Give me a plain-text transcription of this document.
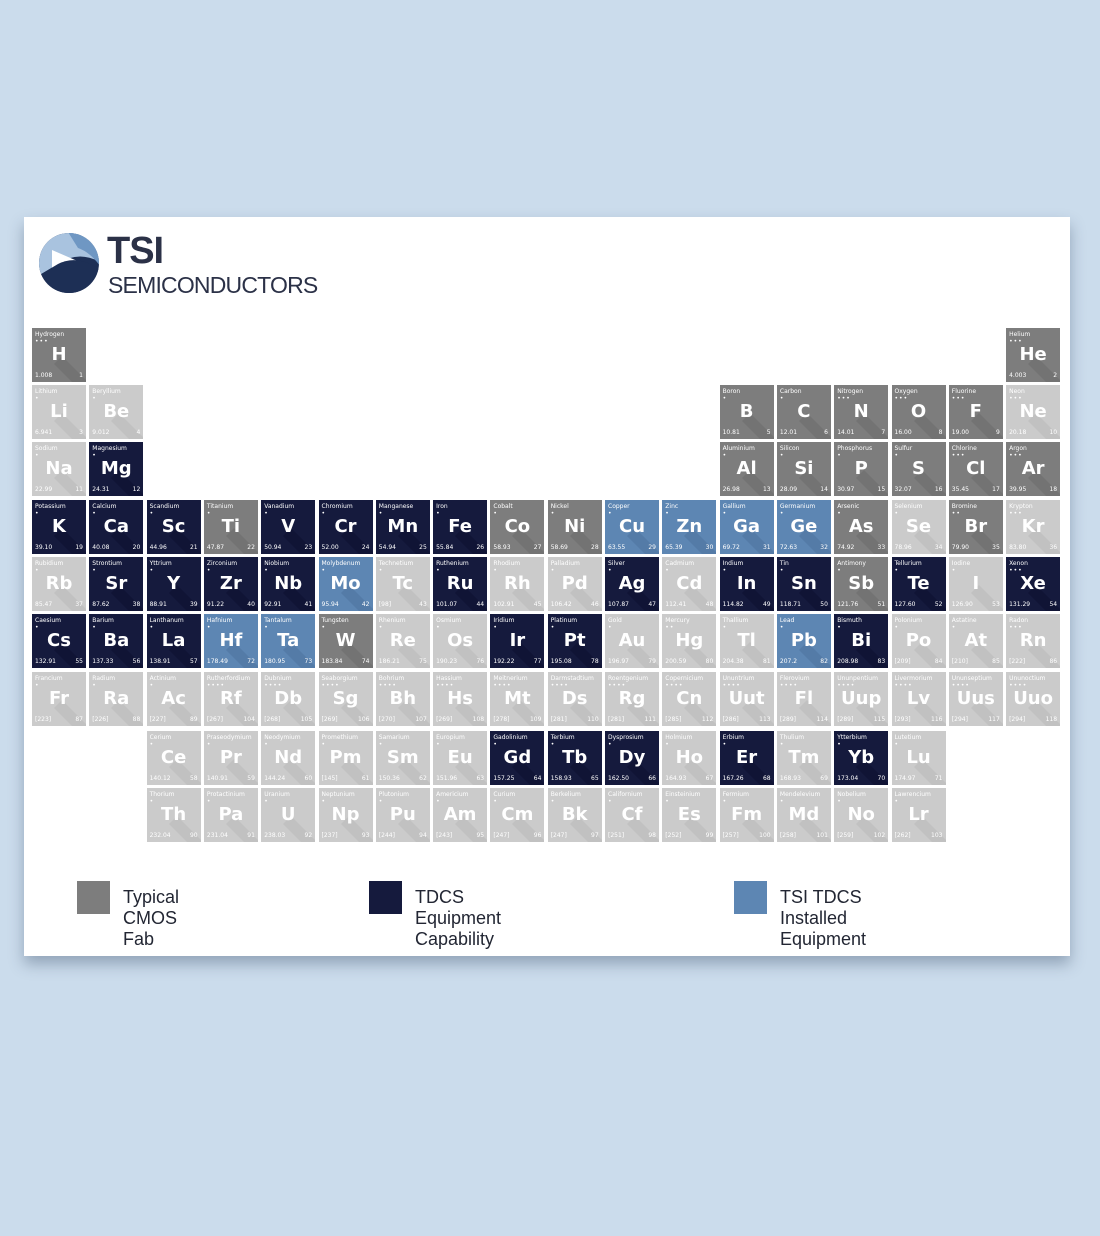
TSI
SEMICONDUCTORS
Hydrogen
•••
H
1.008	1
Helium
•••
He
4.003	2
Lithium
•
Li
6.941	3
Beryllium
•
Be
9.012	4
Boron
•
B
10.81	5
Carbon
•
C
12.01	6
Nitrogen
•••
N
14.01	7
Oxygen
•••
O
16.00	8
Fluorine
•••
F
19.00	9
Neon
•••
Ne
20.18	10
Sodium
•
Na
22.99	11
Magnesium
•
Mg
24.31	12
Aluminium
•
Al
26.98	13
Silicon
•
Si
28.09	14
Phosphorus
•
P
30.97	15
Sulfur
•
S
32.07	16
Chlorine
•••
Cl
35.45	17
Argon
•••
Ar
39.95	18
Potassium
•
K
39.10	19
Calcium
•
Ca
40.08	20
Scandium
•
Sc
44.96	21
Titanium
•
Ti
47.87	22
Vanadium
•
V
50.94	23
Chromium
•
Cr
52.00	24
Manganese
•
Mn
54.94	25
Iron
•
Fe
55.84	26
Cobalt
•
Co
58.93	27
Nickel
•
Ni
58.69	28
Copper
•
Cu
63.55	29
Zinc
•
Zn
65.39	30
Gallium
•
Ga
69.72	31
Germanium
•
Ge
72.63	32
Arsenic
•
As
74.92	33
Selenium
•
Se
78.96	34
Bromine
••
Br
79.90	35
Krypton
•••
Kr
83.80	36
Rubidium
•
Rb
85.47	37
Strontium
•
Sr
87.62	38
Yttrium
•
Y
88.91	39
Zirconium
•
Zr
91.22	40
Niobium
•
Nb
92.91	41
Molybdenum
•
Mo
95.94	42
Technetium
•
Tc
[98]	43
Ruthenium
•
Ru
101.07	44
Rhodium
•
Rh
102.91	45
Palladium
•
Pd
106.42	46
Silver
•
Ag
107.87	47
Cadmium
•
Cd
112.41	48
Indium
•
In
114.82	49
Tin
•
Sn
118.71	50
Antimony
•
Sb
121.76	51
Tellurium
•
Te
127.60	52
Iodine
•
I
126.90	53
Xenon
•••
Xe
131.29	54
Caesium
•
Cs
132.91	55
Barium
•
Ba
137.33	56
Lanthanum
•
La
138.91	57
Hafnium
•
Hf
178.49	72
Tantalum
•
Ta
180.95	73
Tungsten
•
W
183.84	74
Rhenium
•
Re
186.21	75
Osmium
•
Os
190.23	76
Iridium
•
Ir
192.22	77
Platinum
•
Pt
195.08	78
Gold
•
Au
196.97	79
Mercury
••
Hg
200.59	80
Thallium
•
Tl
204.38	81
Lead
•
Pb
207.2	82
Bismuth
•
Bi
208.98	83
Polonium
•
Po
[209]	84
Astatine
•
At
[210]	85
Radon
•••
Rn
[222]	86
Francium
•
Fr
[223]	87
Radium
•
Ra
[226]	88
Actinium
•
Ac
[227]	89
Rutherfordium
••••
Rf
[267]	104
Dubnium
••••
Db
[268]	105
Seaborgium
••••
Sg
[269]	106
Bohrium
••••
Bh
[270]	107
Hassium
••••
Hs
[269]	108
Meitnerium
••••
Mt
[278]	109
Darmstadtium
••••
Ds
[281]	110
Roentgenium
••••
Rg
[281]	111
Copernicium
••••
Cn
[285]	112
Ununtrium
••••
Uut
[286]	113
Flerovium
••••
Fl
[289]	114
Ununpentium
••••
Uup
[289]	115
Livermorium
••••
Lv
[293]	116
Ununseptium
••••
Uus
[294]	117
Ununoctium
••••
Uuo
[294]	118
Cerium
•
Ce
140.12	58
Praseodymium
•
Pr
140.91	59
Neodymium
•
Nd
144.24	60
Promethium
•
Pm
[145]	61
Samarium
•
Sm
150.36	62
Europium
•
Eu
151.96	63
Gadolinium
•
Gd
157.25	64
Terbium
•
Tb
158.93	65
Dysprosium
•
Dy
162.50	66
Holmium
•
Ho
164.93	67
Erbium
•
Er
167.26	68
Thulium
•
Tm
168.93	69
Ytterbium
•
Yb
173.04	70
Lutetium
•
Lu
174.97	71
Thorium
•
Th
232.04	90
Protactinium
•
Pa
231.04	91
Uranium
•
U
238.03	92
Neptunium
•
Np
[237]	93
Plutonium
•
Pu
[244]	94
Americium
•
Am
[243]	95
Curium
•
Cm
[247]	96
Berkelium
•
Bk
[247]	97
Californium
•
Cf
[251]	98
Einsteinium
•
Es
[252]	99
Fermium
•
Fm
[257]	100
Mendelevium
•
Md
[258]	101
Nobelium
•
No
[259]	102
Lawrencium
•
Lr
[262]	103
Typical CMOS Fab
TDCS Equipment Capability
TSI TDCS Installed Equipment
